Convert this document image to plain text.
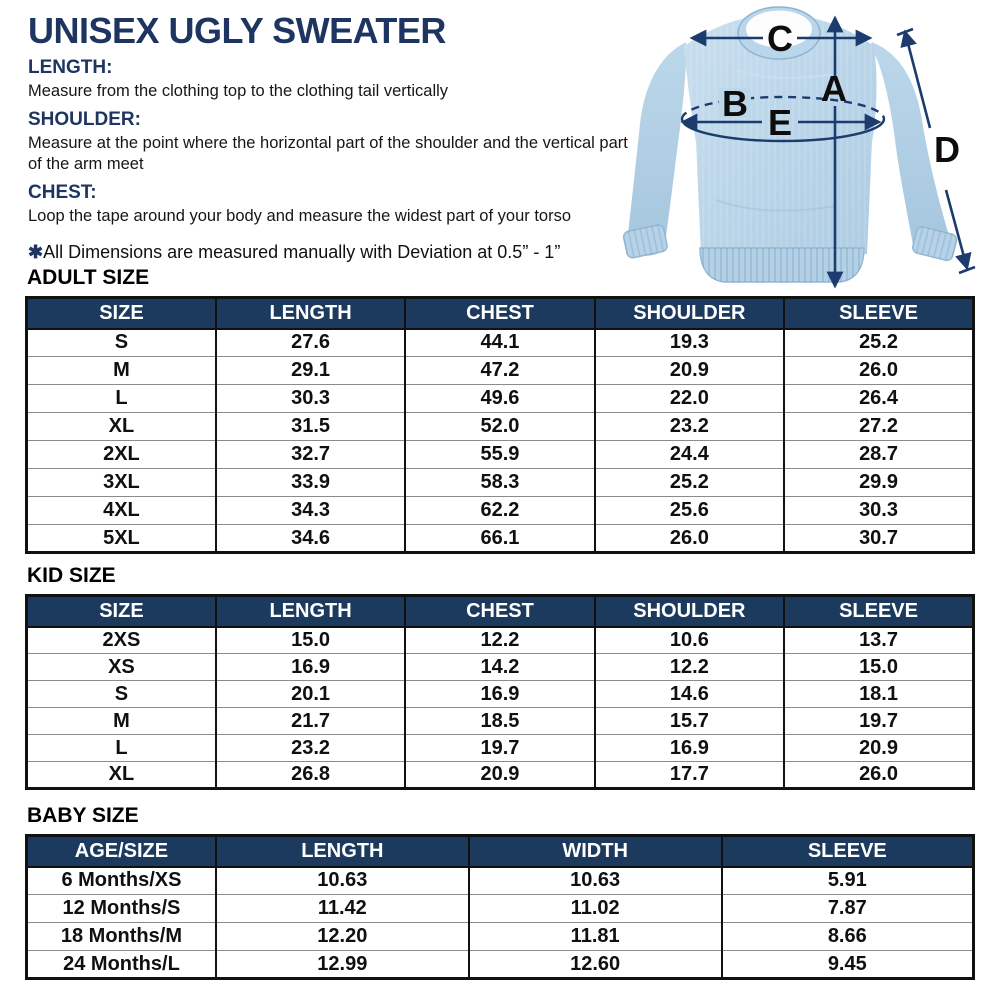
UNISEX UGLY SWEATER
LENGTH:
Measure from the clothing top to the clothing tail vertically
SHOULDER:
Measure at the point where the horizontal part of the shoulder and the vertical part of the arm meet
CHEST:
Loop the tape around your body and measure the widest part of your torso
✱All Dimensions are measured manually with Deviation at 0.5” - 1”
C
A
B E
D
ADULT SIZE
SIZE	LENGTH	CHEST	SHOULDER	SLEEVE
S	27.6	44.1	19.3	25.2
M	29.1	47.2	20.9	26.0
L	30.3	49.6	22.0	26.4
XL	31.5	52.0	23.2	27.2
2XL	32.7	55.9	24.4	28.7
3XL	33.9	58.3	25.2	29.9
4XL	34.3	62.2	25.6	30.3
5XL	34.6	66.1	26.0	30.7
KID SIZE
SIZE	LENGTH	CHEST	SHOULDER	SLEEVE
2XS	15.0	12.2	10.6	13.7
XS	16.9	14.2	12.2	15.0
S	20.1	16.9	14.6	18.1
M	21.7	18.5	15.7	19.7
L	23.2	19.7	16.9	20.9
XL	26.8	20.9	17.7	26.0
BABY SIZE
AGE/SIZE	LENGTH	WIDTH	SLEEVE
6 Months/XS	10.63	10.63	5.91
12 Months/S	11.42	11.02	7.87
18 Months/M	12.20	11.81	8.66
24 Months/L	12.99	12.60	9.45
